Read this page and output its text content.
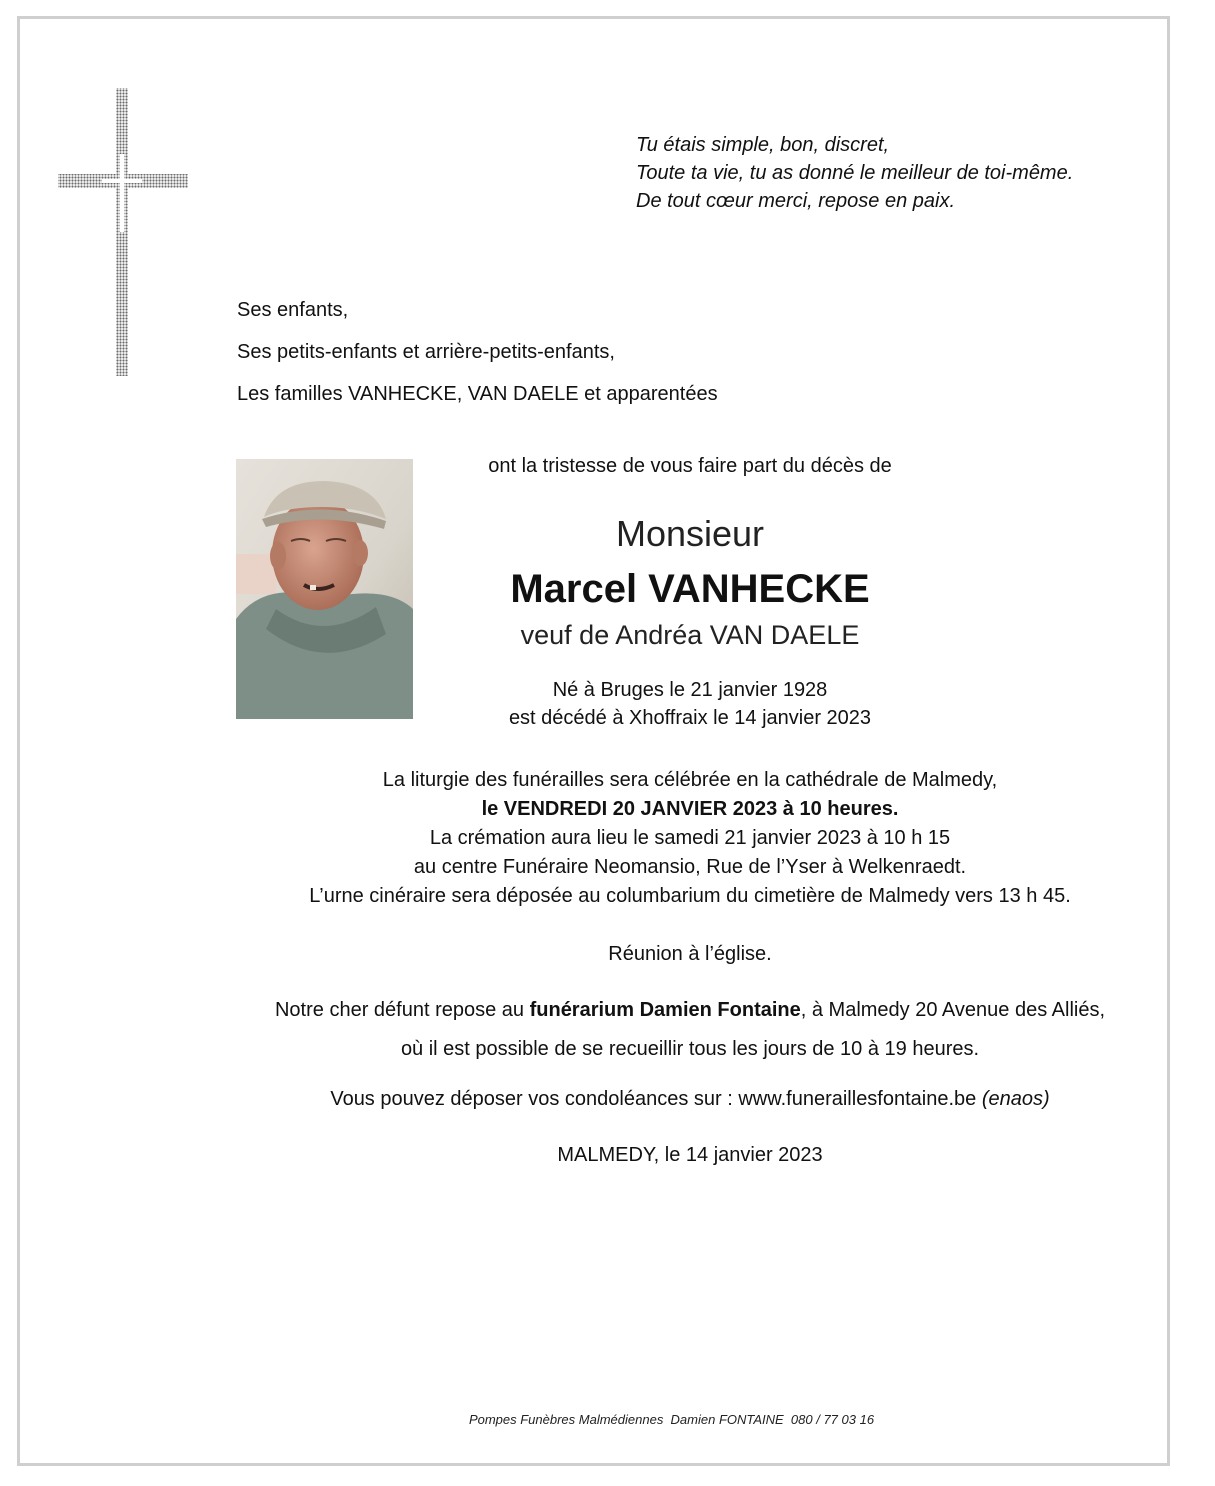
Tu étais simple, bon, discret,
Toute ta vie, tu as donné le meilleur de toi-même.
De tout cœur merci, repose en paix.
Ses enfants,
Ses petits-enfants et arrière-petits-enfants,
Les familles VANHECKE, VAN DAELE et apparentées
ont la tristesse de vous faire part du décès de
Monsieur
Marcel VANHECKE
veuf de Andréa VAN DAELE
Né à Bruges le 21 janvier 1928
est décédé à Xhoffraix le 14 janvier 2023
La liturgie des funérailles sera célébrée en la cathédrale de Malmedy,
le VENDREDI 20 JANVIER 2023 à 10 heures.
La crémation aura lieu le samedi 21 janvier 2023 à 10 h 15
au centre Funéraire Neomansio, Rue de l’Yser à Welkenraedt.
L’urne cinéraire sera déposée au columbarium du cimetière de Malmedy vers 13 h 45.
Réunion à l’église.
Notre cher défunt repose au funérarium Damien Fontaine, à Malmedy 20 Avenue des Alliés,
où il est possible de se recueillir tous les jours de 10 à 19 heures.
Vous pouvez déposer vos condoléances sur : www.funeraillesfontaine.be (enaos)
MALMEDY, le 14 janvier 2023
Pompes Funèbres Malmédiennes  Damien FONTAINE  080 / 77 03 16
